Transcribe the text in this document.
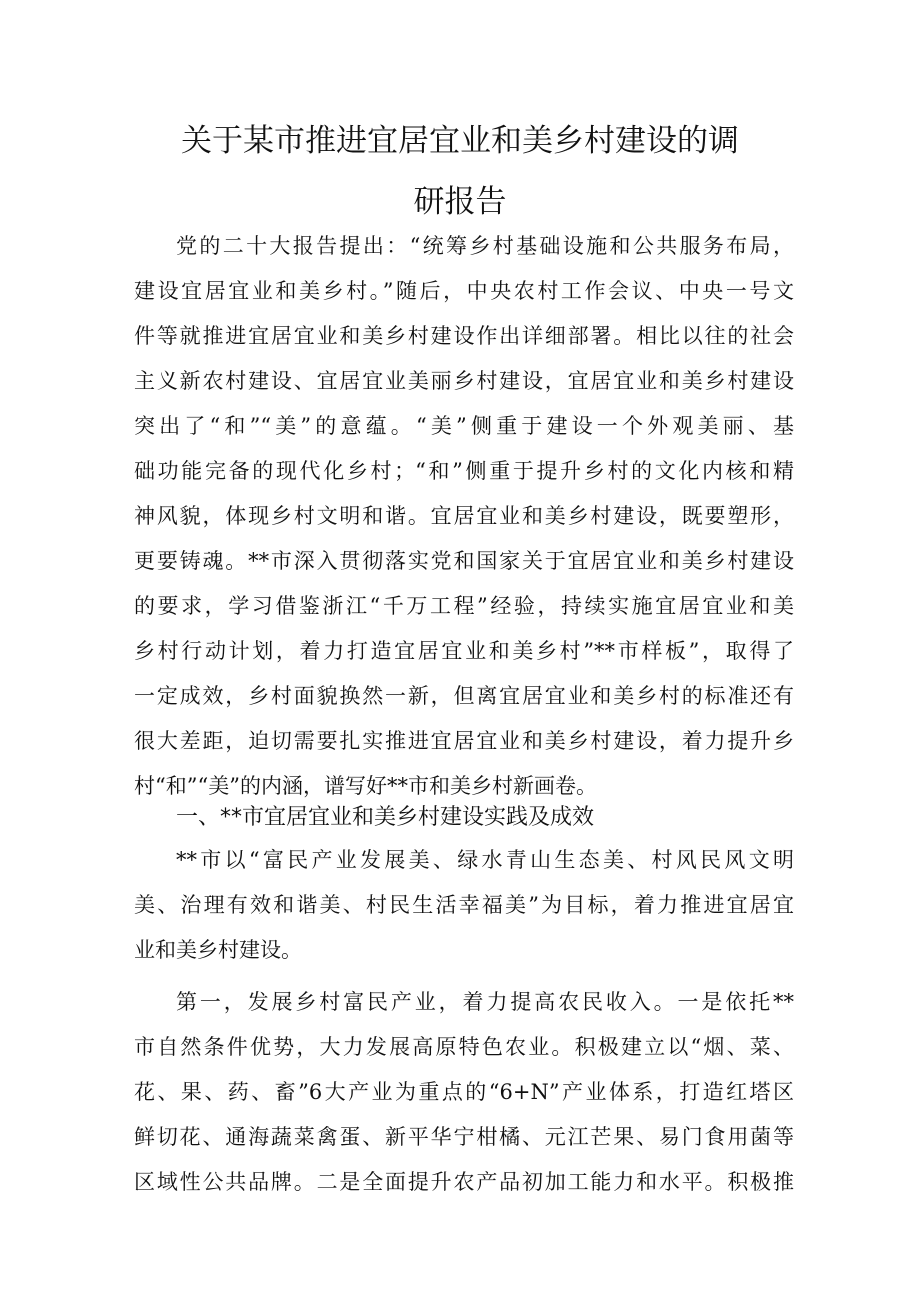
关于某市推进宜居宜业和美乡村建设的调
研报告
党的二十大报告提出：“统筹乡村基础设施和公共服务布局，
建设宜居宜业和美乡村。”随后，中央农村工作会议、中央一号文
件等就推进宜居宜业和美乡村建设作出详细部署。相比以往的社会
主义新农村建设、宜居宜业美丽乡村建设，宜居宜业和美乡村建设
突出了“和”“美”的意蕴。“美”侧重于建设一个外观美丽、基
础功能完备的现代化乡村；“和”侧重于提升乡村的文化内核和精
神风貌，体现乡村文明和谐。宜居宜业和美乡村建设，既要塑形，
更要铸魂。**市深入贯彻落实党和国家关于宜居宜业和美乡村建设
的要求，学习借鉴浙江“千万工程”经验，持续实施宜居宜业和美
乡村行动计划，着力打造宜居宜业和美乡村”**市样板”，取得了
一定成效，乡村面貌换然一新，但离宜居宜业和美乡村的标准还有
很大差距，迫切需要扎实推进宜居宜业和美乡村建设，着力提升乡
村“和”“美”的内涵，谱写好**市和美乡村新画卷。
一、**市宜居宜业和美乡村建设实践及成效
**市以“富民产业发展美、绿水青山生态美、村风民风文明
美、治理有效和谐美、村民生活幸福美”为目标，着力推进宜居宜
业和美乡村建设。
第一，发展乡村富民产业，着力提高农民收入。一是依托**
市自然条件优势，大力发展高原特色农业。积极建立以“烟、菜、
花、果、药、畜”6大产业为重点的“6+N”产业体系，打造红塔区
鲜切花、通海蔬菜禽蛋、新平华宁柑橘、元江芒果、易门食用菌等
区域性公共品牌。二是全面提升农产品初加工能力和水平。积极推
